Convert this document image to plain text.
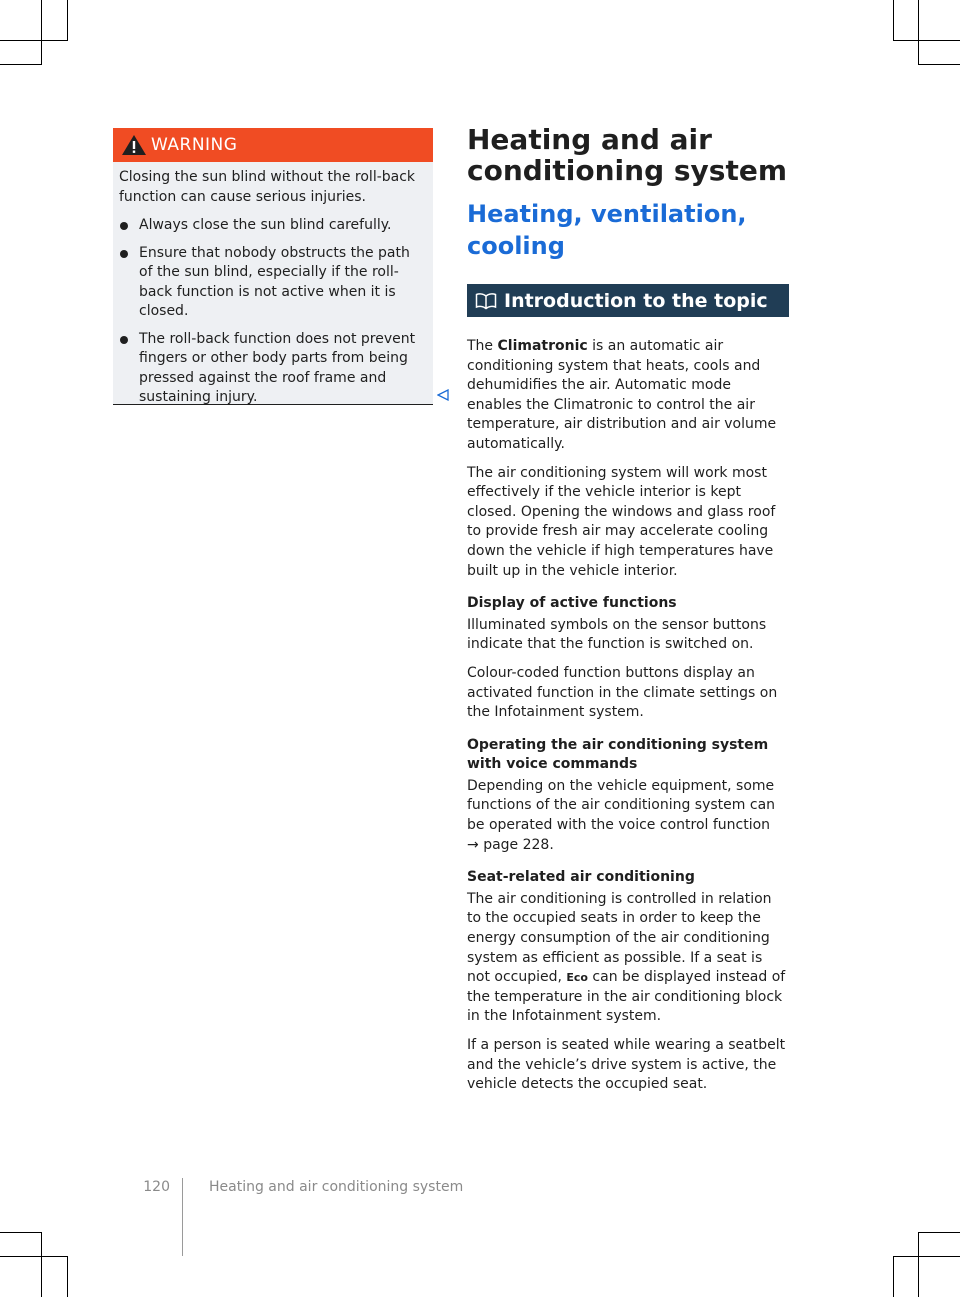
WARNING

Closing the sun blind without the roll-back function can cause serious injuries.

Always close the sun blind carefully.
Ensure that nobody obstructs the path of the sun blind, especially if the roll-back function is not active when it is closed.
The roll-back function does not prevent fingers or other body parts from being pressed against the roof frame and sustaining injury.
Heating and air conditioning system
Heating, ventilation, cooling
Introduction to the topic

The Climatronic is an automatic air conditioning system that heats, cools and dehumidifies the air. Automatic mode enables the Climatronic to control the air temperature, air distribution and air volume automatically.

The air conditioning system will work most effectively if the vehicle interior is kept closed. Opening the windows and glass roof to provide fresh air may accelerate cooling down the vehicle if high temperatures have built up in the vehicle interior.

Display of active functions

Illuminated symbols on the sensor buttons indicate that the function is switched on.

Colour-coded function buttons display an activated function in the climate settings on the Infotainment system.

Operating the air conditioning system with voice commands

Depending on the vehicle equipment, some functions of the air conditioning system can be operated with the voice control function
→ page 228.

Seat-related air conditioning

The air conditioning is controlled in relation to the occupied seats in order to keep the energy consumption of the air conditioning system as efficient as possible. If a seat is not occupied, Eco can be displayed instead of the temperature in the air conditioning block in the Infotainment system.

If a person is seated while wearing a seatbelt and the vehicle’s drive system is active, the vehicle detects the occupied seat.

120	Heating and air conditioning system
